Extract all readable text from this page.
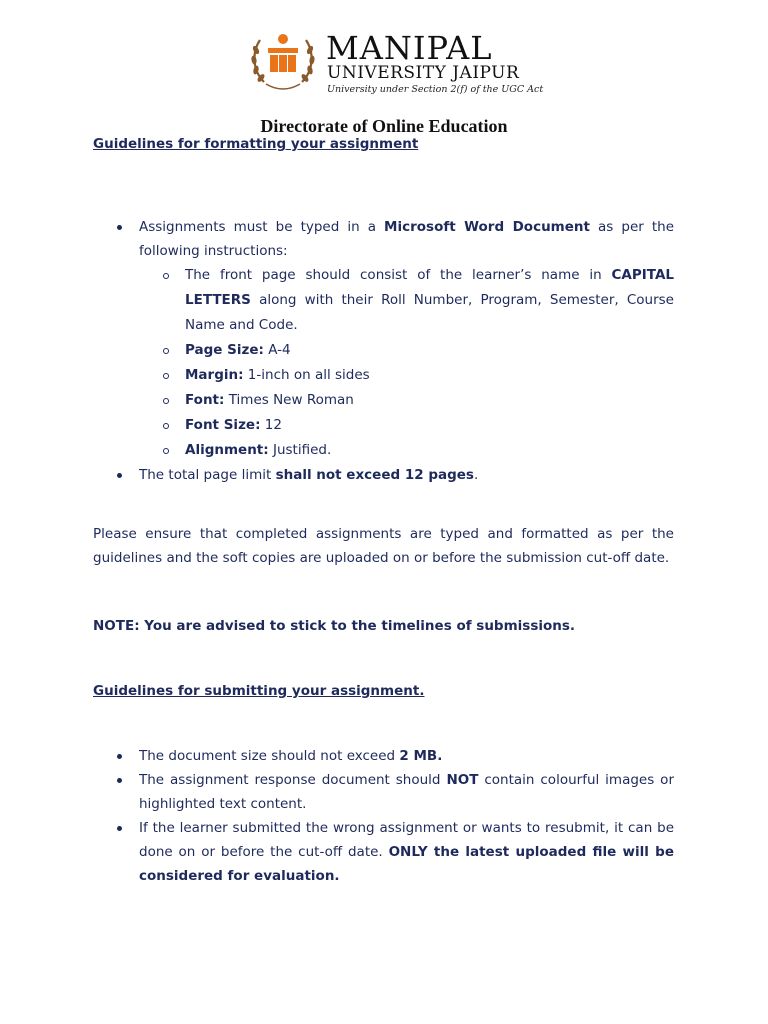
MANIPAL

UNIVERSITY JAIPUR

University under Section 2(f) of the UGC Act

Directorate of Online Education

Guidelines for formatting your assignment

Assignments must be typed in a Microsoft Word Document as per the following instructions:
The front page should consist of the learner’s name in CAPITAL LETTERS along with their Roll Number, Program, Semester, Course Name and Code.
Page Size: A-4
Margin: 1-inch on all sides
Font: Times New Roman
Font Size: 12
Alignment: Justified.
The total page limit shall not exceed 12 pages.

Please ensure that completed assignments are typed and formatted as per the guidelines and the soft copies are uploaded on or before the submission cut-off date.

NOTE: You are advised to stick to the timelines of submissions.

Guidelines for submitting your assignment.

The document size should not exceed 2 MB.
The assignment response document should NOT contain colourful images or highlighted text content.
If the learner submitted the wrong assignment or wants to resubmit, it can be done on or before the cut-off date. ONLY the latest uploaded file will be considered for evaluation.
